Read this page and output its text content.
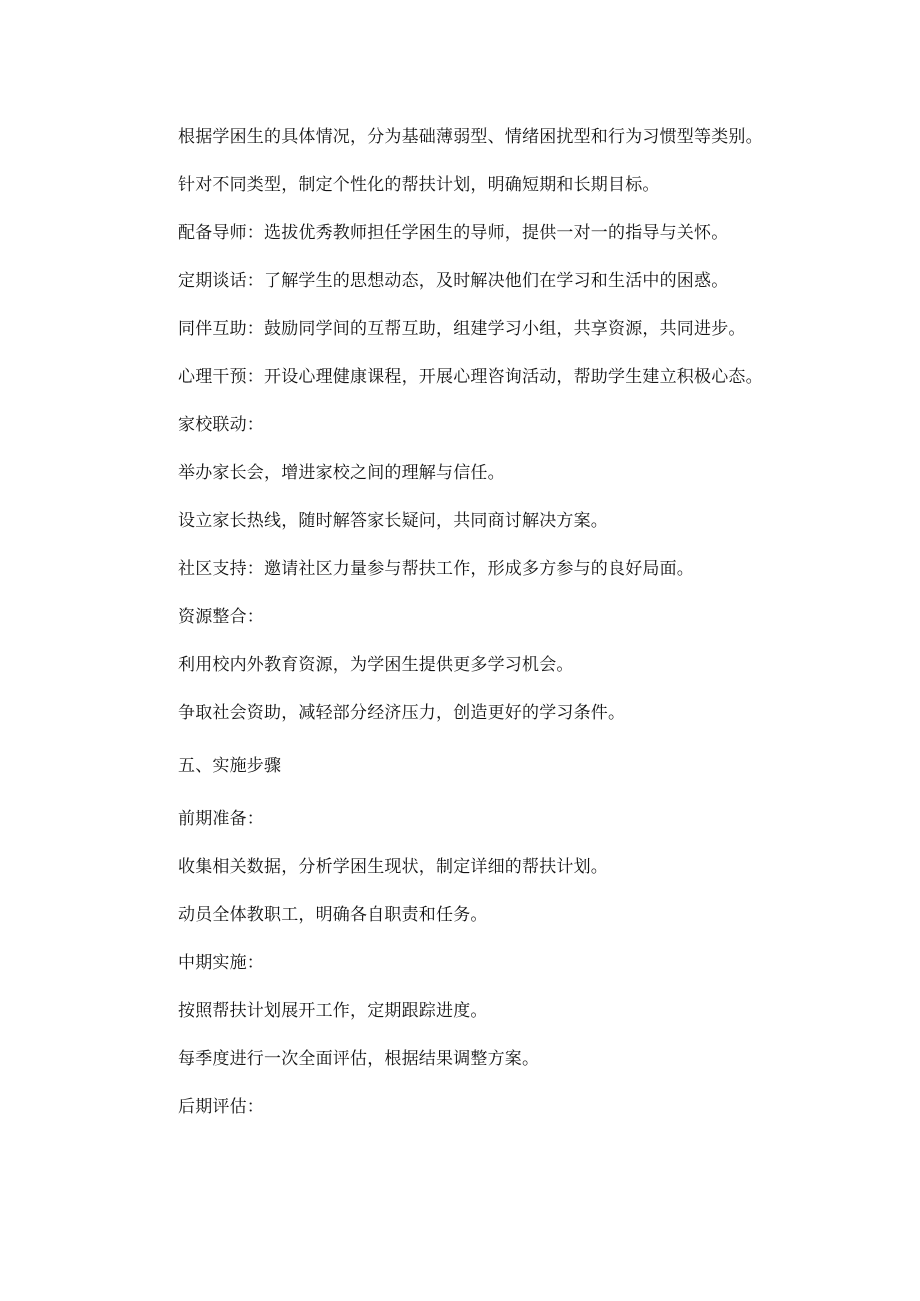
根据学困生的具体情况，分为基础薄弱型、情绪困扰型和行为习惯型等类别。
针对不同类型，制定个性化的帮扶计划，明确短期和长期目标。
配备导师：选拔优秀教师担任学困生的导师，提供一对一的指导与关怀。
定期谈话：了解学生的思想动态，及时解决他们在学习和生活中的困惑。
同伴互助：鼓励同学间的互帮互助，组建学习小组，共享资源，共同进步。
心理干预：开设心理健康课程，开展心理咨询活动，帮助学生建立积极心态。
家校联动：
举办家长会，增进家校之间的理解与信任。
设立家长热线，随时解答家长疑问，共同商讨解决方案。
社区支持：邀请社区力量参与帮扶工作，形成多方参与的良好局面。
资源整合：
利用校内外教育资源，为学困生提供更多学习机会。
争取社会资助，减轻部分经济压力，创造更好的学习条件。
五、实施步骤
前期准备：
收集相关数据，分析学困生现状，制定详细的帮扶计划。
动员全体教职工，明确各自职责和任务。
中期实施：
按照帮扶计划展开工作，定期跟踪进度。
每季度进行一次全面评估，根据结果调整方案。
后期评估：
